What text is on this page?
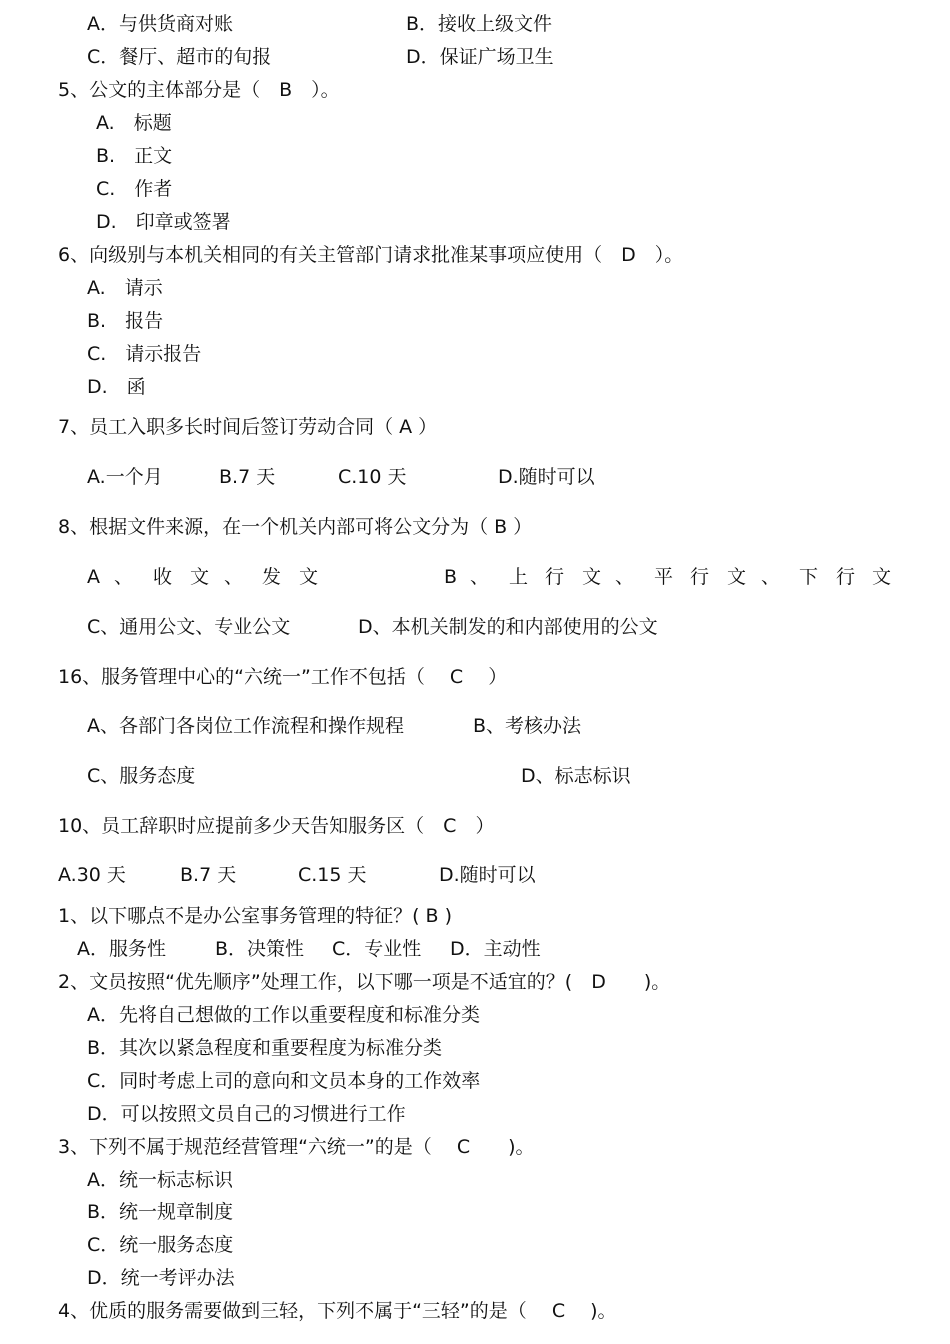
A．与供货商对账	B．接收上级文件
C．餐厅、超市的旬报	D．保证广场卫生
5、公文的主体部分是（　B　）。
A.　标题
B.　正文
C.　作者
D.　印章或签署
6、向级别与本机关相同的有关主管部门请求批准某事项应使用（　D　）。
A.　请示
B.　报告
C.　请示报告
D.　函
7、员工入职多长时间后签订劳动合同（ A ）
A.一个月	B.7 天	C.10 天	D.随时可以
8、根据文件来源，在一个机关内部可将公文分为（ B ）
A 、 收 文 、 发 文	B 、 上 行 文 、 平 行 文 、 下 行 文
C、通用公文、专业公文	D、本机关制发的和内部使用的公文
16、服务管理中心的“六统一”工作不包括（　 C　 ）
A、各部门各岗位工作流程和操作规程	B、考核办法
C、服务态度	D、标志标识
10、员工辞职时应提前多少天告知服务区（　C　）
A.30 天	B.7 天	C.15 天	D.随时可以
1、以下哪点不是办公室事务管理的特征？( B )
A．服务性	B．决策性 C．专业性 D．主动性
2、文员按照“优先顺序”处理工作，以下哪一项是不适宜的？(　D　　)。
A．先将自己想做的工作以重要程度和标准分类
B．其次以紧急程度和重要程度为标准分类
C．同时考虑上司的意向和文员本身的工作效率
D．可以按照文员自己的习惯进行工作
3、下列不属于规范经营管理“六统一”的是（　 C　　)。
A．统一标志标识
B．统一规章制度
C．统一服务态度
D．统一考评办法
4、优质的服务需要做到三轻，下列不属于“三轻”的是（　 C　 )。
